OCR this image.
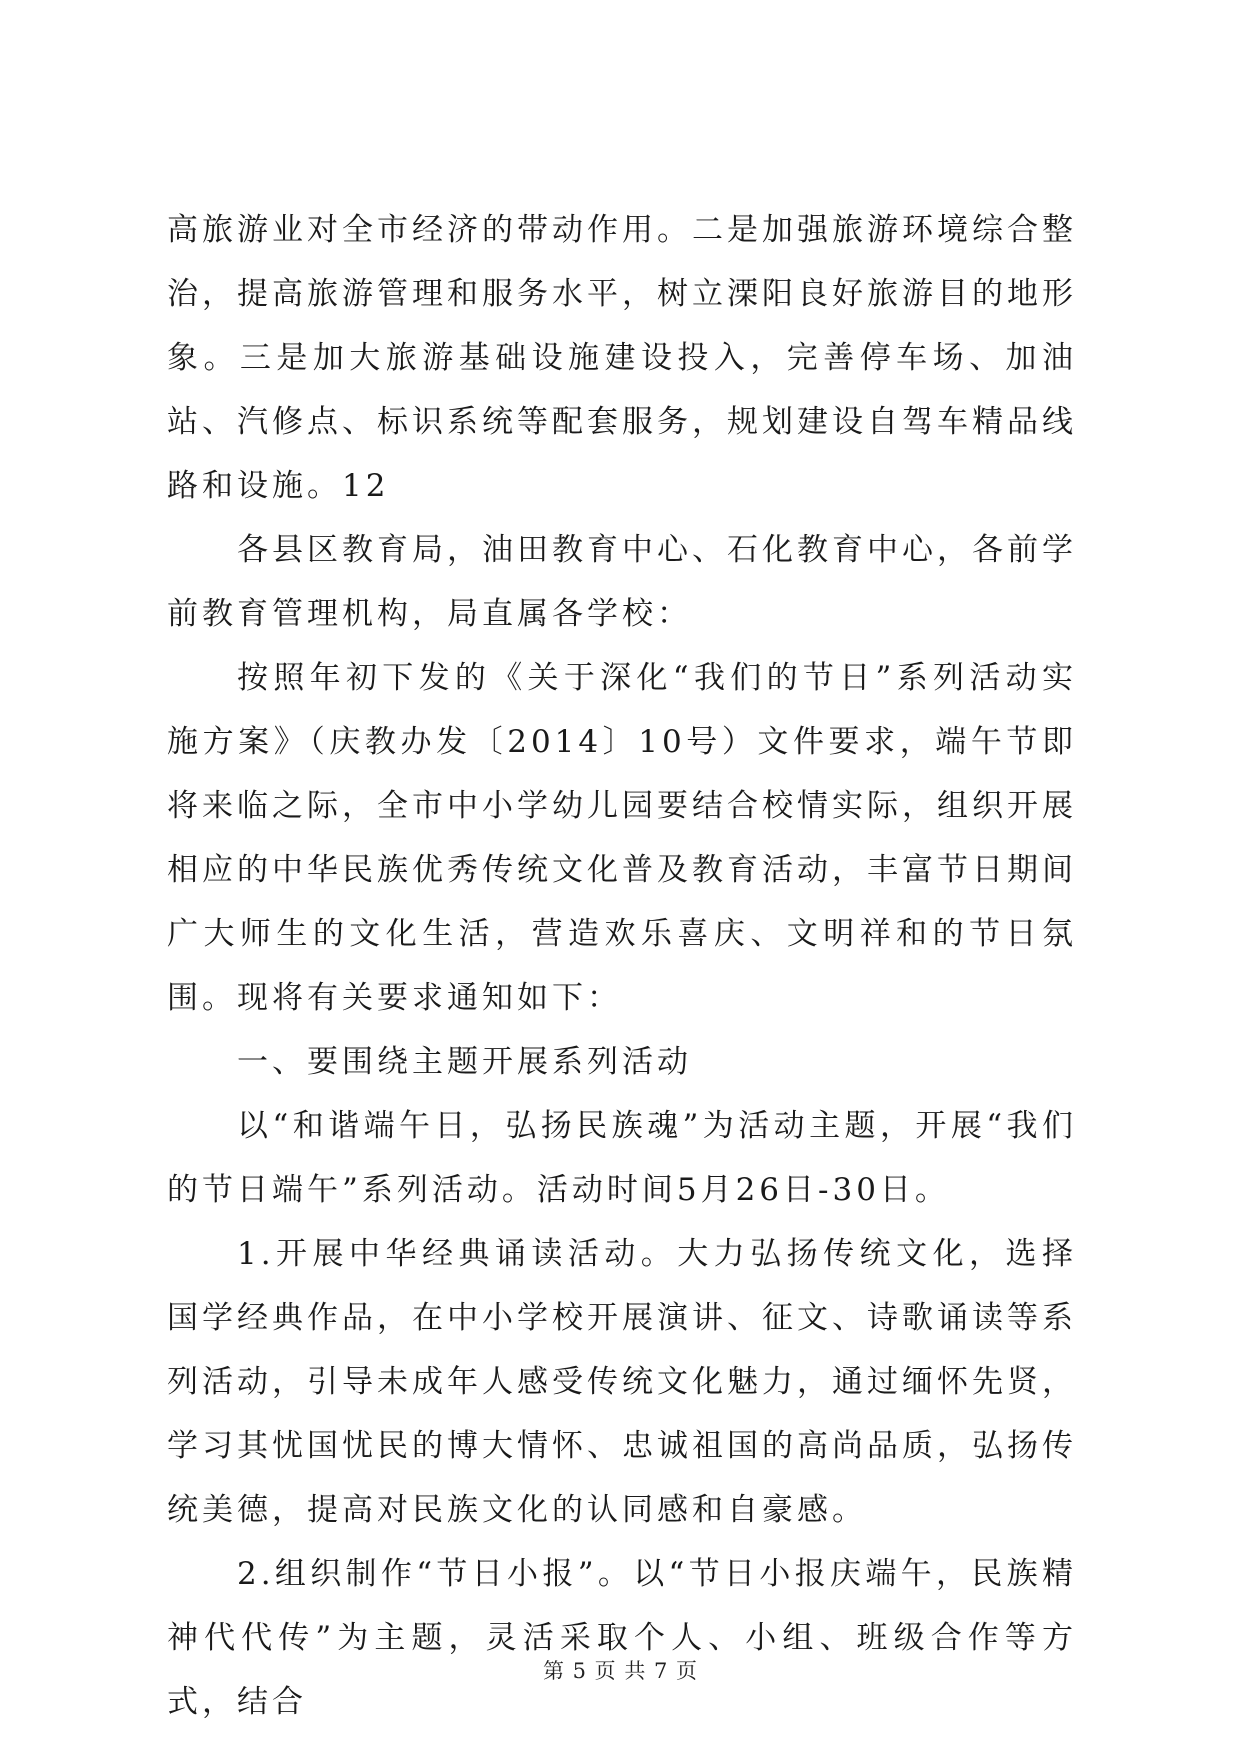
高旅游业对全市经济的带动作用。二是加强旅游环境综合整治，提高旅游管理和服务水平，树立溧阳良好旅游目的地形象。三是加大旅游基础设施建设投入，完善停车场、加油站、汽修点、标识系统等配套服务，规划建设自驾车精品线路和设施。12

各县区教育局，油田教育中心、石化教育中心，各前学前教育管理机构，局直属各学校：

按照年初下发的《关于深化“我们的节日”系列活动实施方案》（庆教办发〔2014〕10号）文件要求，端午节即将来临之际，全市中小学幼儿园要结合校情实际，组织开展相应的中华民族优秀传统文化普及教育活动，丰富节日期间广大师生的文化生活，营造欢乐喜庆、文明祥和的节日氛围。现将有关要求通知如下：

一、要围绕主题开展系列活动

以“和谐端午日，弘扬民族魂”为活动主题，开展“我们的节日端午”系列活动。活动时间5月26日-30日。

1.开展中华经典诵读活动。大力弘扬传统文化，选择国学经典作品，在中小学校开展演讲、征文、诗歌诵读等系列活动，引导未成年人感受传统文化魅力，通过缅怀先贤，学习其忧国忧民的博大情怀、忠诚祖国的高尚品质，弘扬传统美德，提高对民族文化的认同感和自豪感。

2.组织制作“节日小报”。以“节日小报庆端午，民族精神代代传”为主题，灵活采取个人、小组、班级合作等方式，结合

第 5 页 共 7 页
